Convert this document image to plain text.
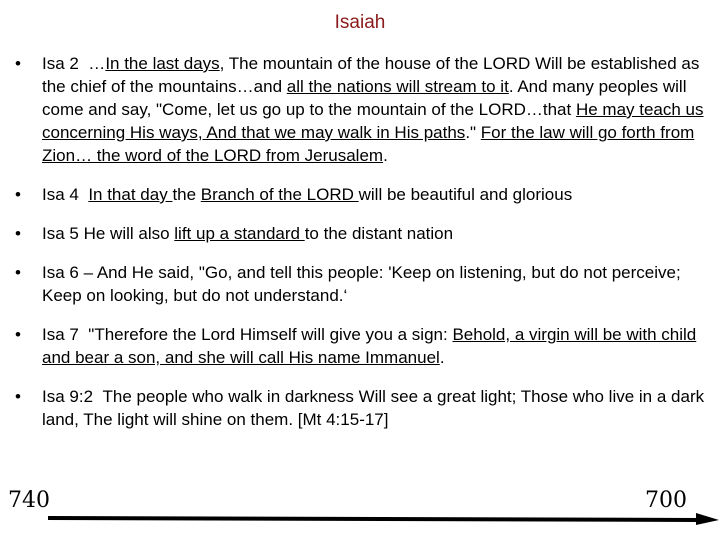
Isaiah
• Isa 2  …In the last days, The mountain of the house of the LORD Will be established as the chief of the mountains…and all the nations will stream to it. And many peoples will come and say, "Come, let us go up to the mountain of the LORD…that He may teach us concerning His ways, And that we may walk in His paths." For the law will go forth from Zion… the word of the LORD from Jerusalem.
• Isa 4 In that day the Branch of the LORD will be beautiful and glorious
• Isa 5 He will also lift up a standard to the distant nation
• Isa 6 – And He said, "Go, and tell this people: 'Keep on listening, but do not perceive; Keep on looking, but do not understand.‘
• Isa 7  "Therefore the Lord Himself will give you a sign: Behold, a virgin will be with child and bear a son, and she will call His name Immanuel.
• Isa 9:2  The people who walk in darkness Will see a great light; Those who live in a dark land, The light will shine on them. [Mt 4:15-17]
740	700
